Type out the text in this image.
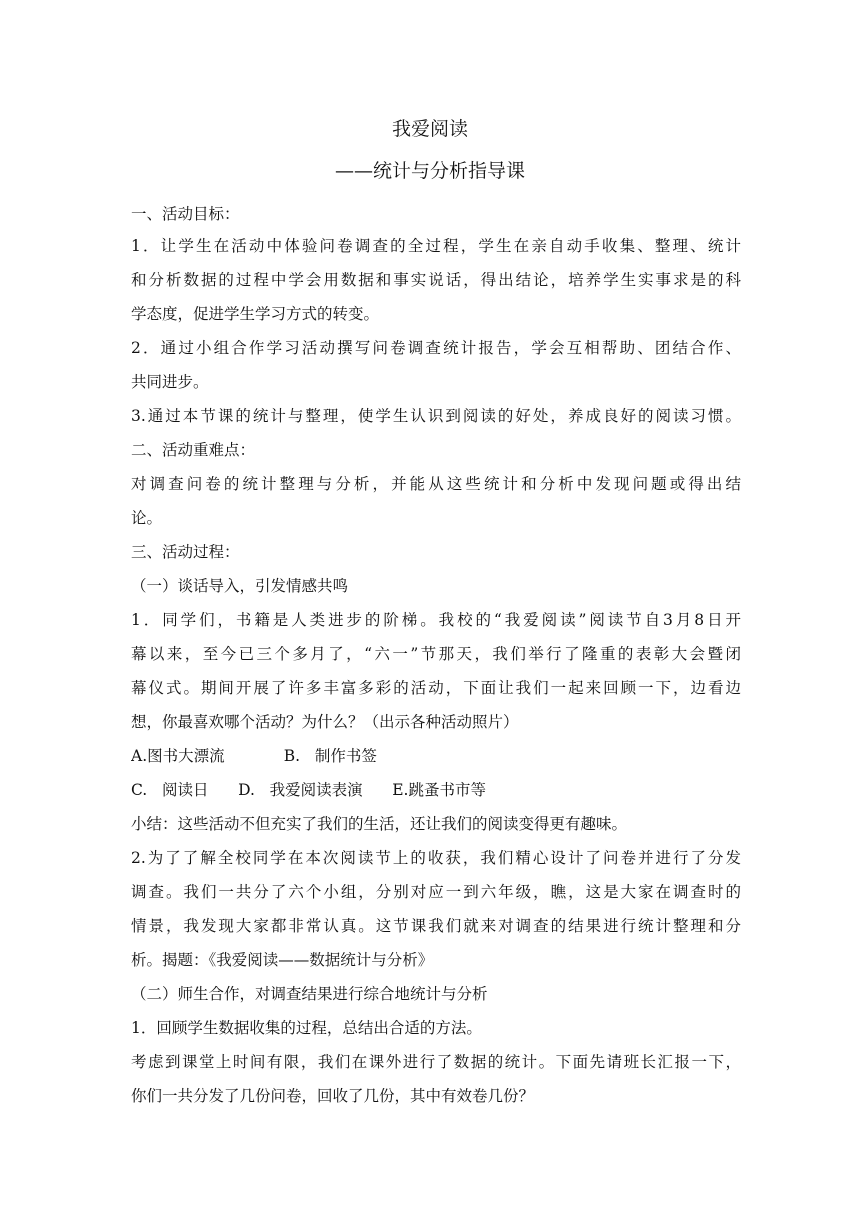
我爱阅读
——统计与分析指导课
一、活动目标：
1．让学生在活动中体验问卷调查的全过程，学生在亲自动手收集、整理、统计
和分析数据的过程中学会用数据和事实说话，得出结论，培养学生实事求是的科
学态度，促进学生学习方式的转变。
2．通过小组合作学习活动撰写问卷调查统计报告，学会互相帮助、团结合作、
共同进步。
3.通过本节课的统计与整理，使学生认识到阅读的好处，养成良好的阅读习惯。
二、活动重难点：
对调查问卷的统计整理与分析，并能从这些统计和分析中发现问题或得出结
论。
三、活动过程：
（一）谈话导入，引发情感共鸣
1．同学们，书籍是人类进步的阶梯。我校的“我爱阅读”阅读节自3月8日开
幕以来，至今已三个多月了，“六一”节那天，我们举行了隆重的表彰大会暨闭
幕仪式。期间开展了许多丰富多彩的活动，下面让我们一起来回顾一下，边看边
想，你最喜欢哪个活动？为什么？（出示各种活动照片）
A.图书大漂流            B.   制作书签
C.   阅读日      D.   我爱阅读表演      E.跳蚤书市等
小结：这些活动不但充实了我们的生活，还让我们的阅读变得更有趣味。
2.为了了解全校同学在本次阅读节上的收获，我们精心设计了问卷并进行了分发
调查。我们一共分了六个小组，分别对应一到六年级，瞧，这是大家在调查时的
情景，我发现大家都非常认真。这节课我们就来对调查的结果进行统计整理和分
析。揭题：《我爱阅读——数据统计与分析》
（二）师生合作，对调查结果进行综合地统计与分析
1．回顾学生数据收集的过程，总结出合适的方法。
考虑到课堂上时间有限，我们在课外进行了数据的统计。下面先请班长汇报一下，
你们一共分发了几份问卷，回收了几份，其中有效卷几份？
